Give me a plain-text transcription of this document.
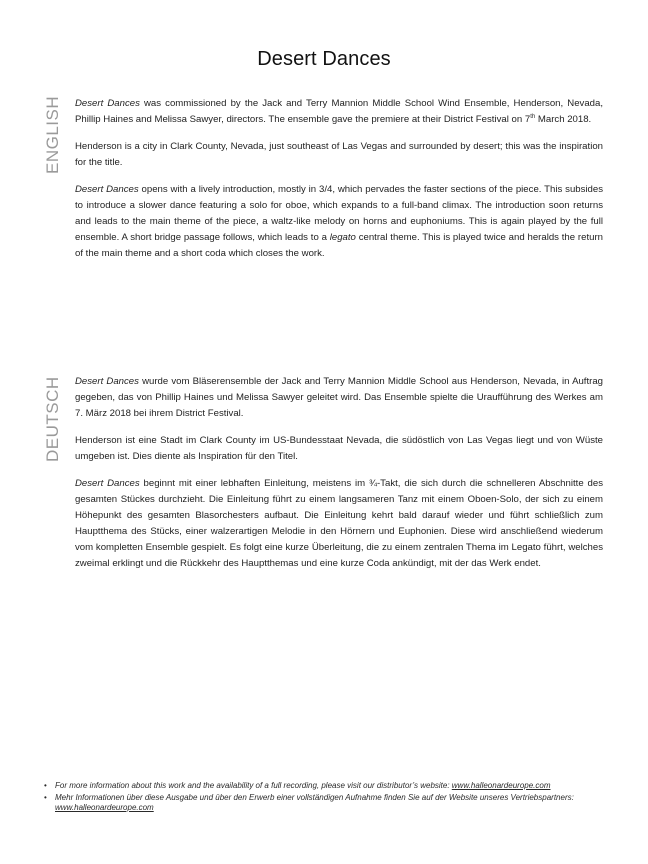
Desert Dances
ENGLISH Desert Dances was commissioned by the Jack and Terry Mannion Middle School Wind Ensemble, Henderson, Nevada, Phillip Haines and Melissa Sawyer, directors. The ensemble gave the premiere at their District Festival on 7th March 2018.

Henderson is a city in Clark County, Nevada, just southeast of Las Vegas and surrounded by desert; this was the inspiration for the title.

Desert Dances opens with a lively introduction, mostly in 3/4, which pervades the faster sections of the piece. This subsides to introduce a slower dance featuring a solo for oboe, which expands to a full-band climax. The introduction soon returns and leads to the main theme of the piece, a waltz-like melody on horns and euphoniums. This is again played by the full ensemble. A short bridge passage follows, which leads to a legato central theme. This is played twice and heralds the return of the main theme and a short coda which closes the work.

DEUTSCH Desert Dances wurde vom Bläserensemble der Jack and Terry Mannion Middle School aus Henderson, Nevada, in Auftrag gegeben, das von Phillip Haines und Melissa Sawyer geleitet wird. Das Ensemble spielte die Uraufführung des Werkes am 7. März 2018 bei ihrem District Festival.

Henderson ist eine Stadt im Clark County im US-Bundesstaat Nevada, die südöstlich von Las Vegas liegt und von Wüste umgeben ist. Dies diente als Inspiration für den Titel.

Desert Dances beginnt mit einer lebhaften Einleitung, meistens im ¾-Takt, die sich durch die schnelleren Abschnitte des gesamten Stückes durchzieht. Die Einleitung führt zu einem langsameren Tanz mit einem Oboen-Solo, der sich zu einem Höhepunkt des gesamten Blasorchesters aufbaut. Die Einleitung kehrt bald darauf wieder und führt schließlich zum Hauptthema des Stücks, einer walzerartigen Melodie in den Hörnern und Euphonien. Diese wird anschließend wiederum vom kompletten Ensemble gespielt. Es folgt eine kurze Überleitung, die zu einem zentralen Thema im Legato führt, welches zweimal erklingt und die Rückkehr des Hauptthemas und eine kurze Coda ankündigt, mit der das Werk endet.

• For more information about this work and the availability of a full recording, please visit our distributor’s website: www.halleonardeurope.com
• Mehr Informationen über diese Ausgabe und über den Erwerb einer vollständigen Aufnahme finden Sie auf der Website unseres Vertriebspartners: www.halleonardeurope.com
